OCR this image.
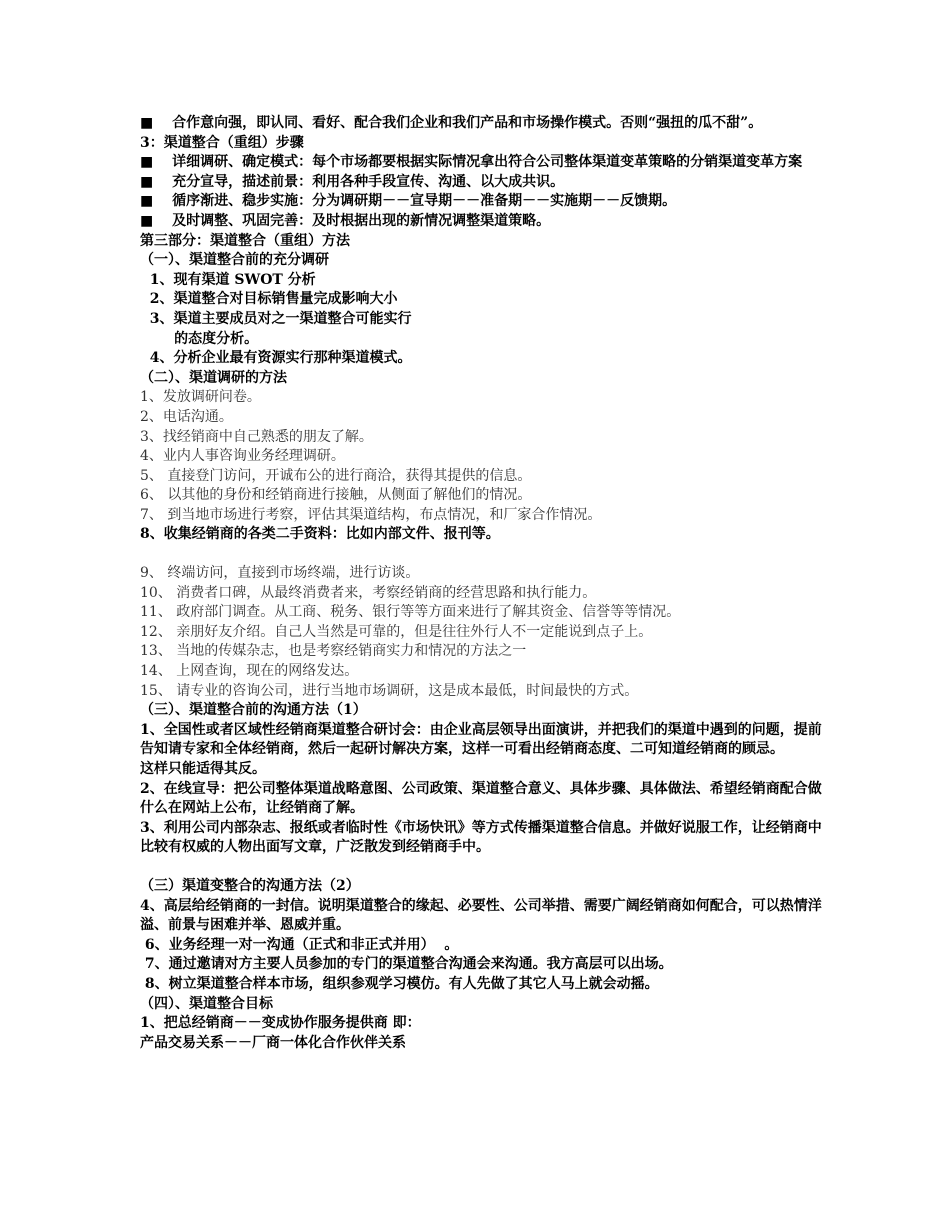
■　 合作意向强，即认同、看好、配合我们企业和我们产品和市场操作模式。否则“强扭的瓜不甜”。

3：渠道整合（重组）步骤

■　 详细调研、确定模式：每个市场都要根据实际情况拿出符合公司整体渠道变革策略的分销渠道变革方案

■　 充分宣导，描述前景：利用各种手段宣传、沟通、以大成共识。

■　 循序渐进、稳步实施：分为调研期－－宣导期－－准备期－－实施期－－反馈期。

■　 及时调整、巩固完善：及时根据出现的新情况调整渠道策略。

第三部分：渠道整合（重组）方法

（一）、渠道整合前的充分调研

1、现有渠道 SWOT 分析

2、渠道整合对目标销售量完成影响大小

3、渠道主要成员对之一渠道整合可能实行

的态度分析。

4、分析企业最有资源实行那种渠道模式。

（二）、渠道调研的方法

1、发放调研问卷。

2、电话沟通。

3、找经销商中自己熟悉的朋友了解。

4、业内人事咨询业务经理调研。

5、 直接登门访问，开诚布公的进行商洽，获得其提供的信息。

6、 以其他的身份和经销商进行接触，从侧面了解他们的情况。

7、 到当地市场进行考察，评估其渠道结构，布点情况，和厂家合作情况。

8、收集经销商的各类二手资料：比如内部文件、报刊等。

9、 终端访问，直接到市场终端，进行访谈。

10、 消费者口碑，从最终消费者来，考察经销商的经营思路和执行能力。

11、 政府部门调查。从工商、税务、银行等等方面来进行了解其资金、信誉等等情况。

12、 亲朋好友介绍。自己人当然是可靠的，但是往往外行人不一定能说到点子上。

13、 当地的传媒杂志，也是考察经销商实力和情况的方法之一

14、 上网查询，现在的网络发达。

15、 请专业的咨询公司，进行当地市场调研，这是成本最低，时间最快的方式。

（三）、渠道整合前的沟通方法（1）

1、全国性或者区域性经销商渠道整合研讨会：由企业高层领导出面演讲，并把我们的渠道中遇到的问题，提前告知请专家和全体经销商，然后一起研讨解决方案，这样一可看出经销商态度、二可知道经销商的顾忌。

这样只能适得其反。

2、在线宣导：把公司整体渠道战略意图、公司政策、渠道整合意义、具体步骤、具体做法、希望经销商配合做什么在网站上公布，让经销商了解。

3、利用公司内部杂志、报纸或者临时性《市场快讯》等方式传播渠道整合信息。并做好说服工作，让经销商中比较有权威的人物出面写文章，广泛散发到经销商手中。

（三）渠道变整合的沟通方法（2）

4、高层给经销商的一封信。说明渠道整合的缘起、必要性、公司举措、需要广阔经销商如何配合，可以热情洋溢、前景与困难并举、恩威并重。

6、业务经理一对一沟通（正式和非正式并用）  。

7、通过邀请对方主要人员参加的专门的渠道整合沟通会来沟通。我方高层可以出场。

8、树立渠道整合样本市场，组织参观学习模仿。有人先做了其它人马上就会动摇。

（四）、渠道整合目标

1、把总经销商－－变成协作服务提供商 即：

产品交易关系－－厂商一体化合作伙伴关系
